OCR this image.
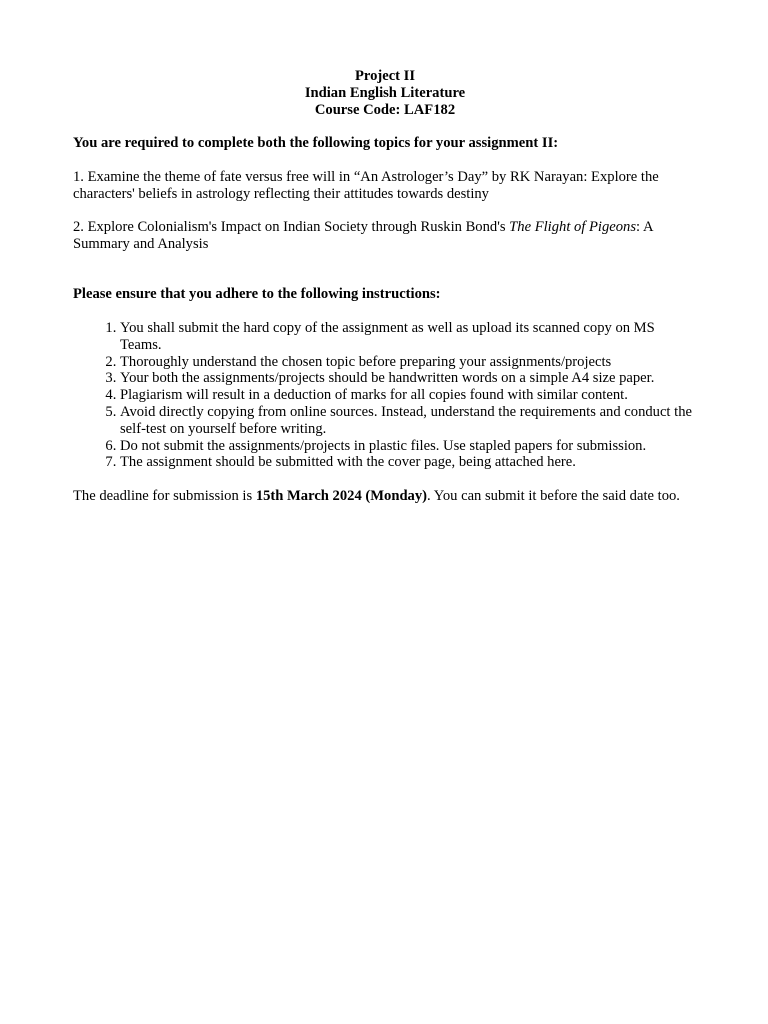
Project II
Indian English Literature
Course Code: LAF182

You are required to complete both the following topics for your assignment II:

1. Examine the theme of fate versus free will in “An Astrologer’s Day” by RK Narayan: Explore the characters' beliefs in astrology reflecting their attitudes towards destiny

2. Explore Colonialism's Impact on Indian Society through Ruskin Bond's The Flight of Pigeons: A Summary and Analysis

Please ensure that you adhere to the following instructions:

1. You shall submit the hard copy of the assignment as well as upload its scanned copy on MS Teams.
2. Thoroughly understand the chosen topic before preparing your assignments/projects
3. Your both the assignments/projects should be handwritten words on a simple A4 size paper.
4. Plagiarism will result in a deduction of marks for all copies found with similar content.
5. Avoid directly copying from online sources. Instead, understand the requirements and conduct the self-test on yourself before writing.
6. Do not submit the assignments/projects in plastic files. Use stapled papers for submission.
7. The assignment should be submitted with the cover page, being attached here.

The deadline for submission is 15th March 2024 (Monday). You can submit it before the said date too.
